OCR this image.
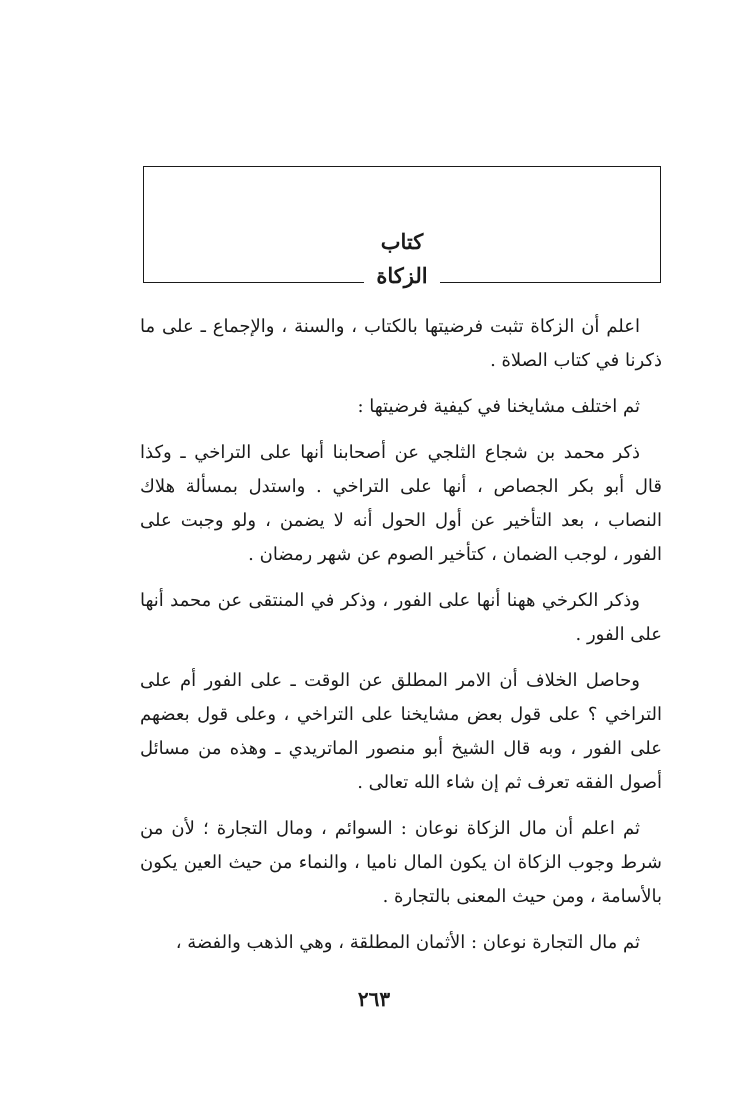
كتاب
الزكاة

اعلم أن الزكاة تثبت فرضيتها بالكتاب ، والسنة ، والإجماع ـ على ما ذكرنا في كتاب الصلاة .

ثم اختلف مشايخنا في كيفية فرضيتها :

ذكر محمد بن شجاع الثلجي عن أصحابنا أنها على التراخي ـ وكذا قال أبو بكر الجصاص ، أنها على التراخي . واستدل بمسألة هلاك النصاب ، بعد التأخير عن أول الحول أنه لا يضمن ، ولو وجبت على الفور ، لوجب الضمان ، كتأخير الصوم عن شهر رمضان .

وذكر الكرخي ههنا أنها على الفور ، وذكر في المنتقى عن محمد أنها على الفور .

وحاصل الخلاف أن الامر المطلق عن الوقت ـ على الفور أم على التراخي ؟ على قول بعض مشايخنا على التراخي ، وعلى قول بعضهم على الفور ، وبه قال الشيخ أبو منصور الماتريدي ـ وهذه من مسائل أصول الفقه تعرف ثم إن شاء الله تعالى .

ثم اعلم أن مال الزكاة نوعان : السوائم ، ومال التجارة ؛ لأن من شرط وجوب الزكاة ان يكون المال ناميا ، والنماء من حيث العين يكون بالأسامة ، ومن حيث المعنى بالتجارة .

ثم مال التجارة نوعان : الأثمان المطلقة ، وهي الذهب والفضة ،

٢٦٣
